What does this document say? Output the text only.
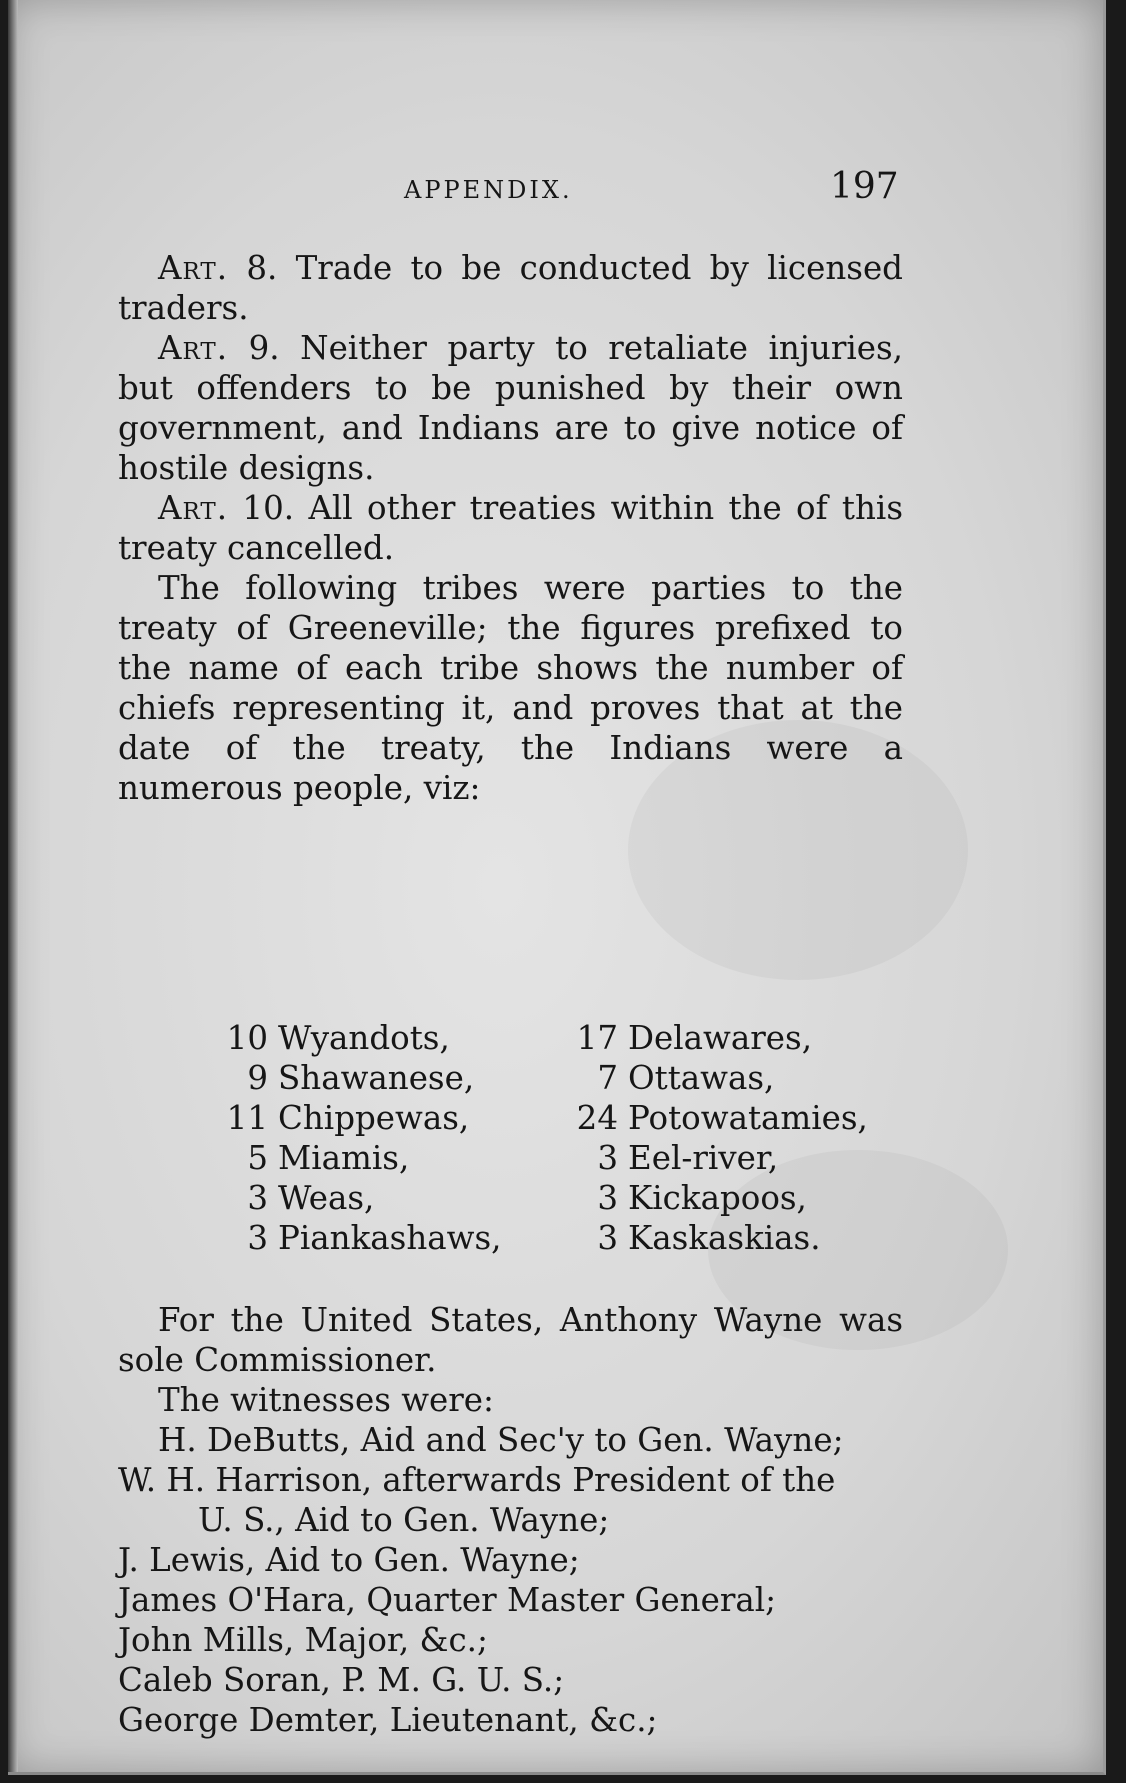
APPENDIX.	197

Art. 8. Trade to be conducted by licensed traders.

Art. 9. Neither party to retaliate injuries, but offenders to be punished by their own government, and Indians are to give notice of hostile designs.

Art. 10. All other treaties within the of this treaty cancelled.

The following tribes were parties to the treaty of Greeneville; the figures prefixed to the name of each tribe shows the number of chiefs representing it, and proves that at the date of the treaty, the Indians were a numerous people, viz:

10 Wyandots,
9 Shawanese,
11 Chippewas,
5 Miamis,
3 Weas,
3 Piankashaws,
17 Delawares,
7 Ottawas,
24 Potowatamies,
3 Eel-river,
3 Kickapoos,
3 Kaskaskias.

For the United States, Anthony Wayne was sole Commissioner.

The witnesses were:

H. DeButts, Aid and Sec'y to Gen. Wayne;
W. H. Harrison, afterwards President of the
U. S., Aid to Gen. Wayne;
J. Lewis, Aid to Gen. Wayne;
James O'Hara, Quarter Master General;
John Mills, Major, &c.;
Caleb Soran, P. M. G. U. S.;
George Demter, Lieutenant, &c.;
